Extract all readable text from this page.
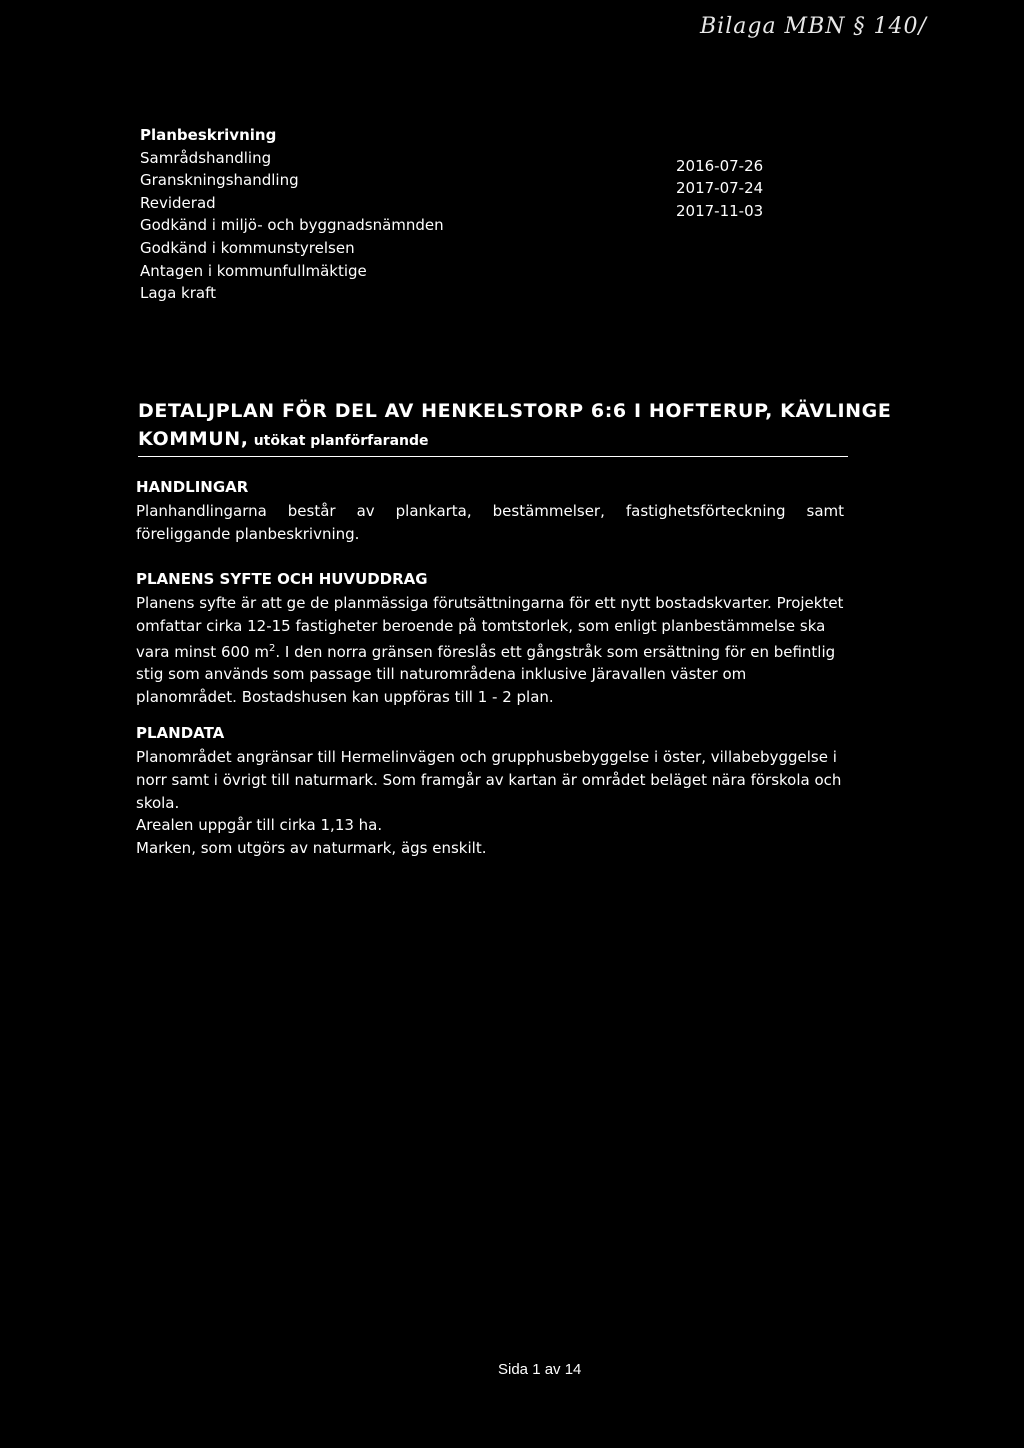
Bilaga MBN § 140/
Planbeskrivning
Samrådshandling	2016-07-26
Granskningshandling	2017-07-24
Reviderad	2017-11-03
Godkänd i miljö- och byggnadsnämnden
Godkänd i kommunstyrelsen
Antagen i kommunfullmäktige
Laga kraft
DETALJPLAN FÖR DEL AV HENKELSTORP 6:6 I HOFTERUP, KÄVLINGE
KOMMUN, utökat planförfarande
HANDLINGAR
Planhandlingarna består av plankarta, bestämmelser, fastighetsförteckning samt föreliggande planbeskrivning.
PLANENS SYFTE OCH HUVUDDRAG
Planens syfte är att ge de planmässiga förutsättningarna för ett nytt bostadskvarter. Projektet omfattar cirka 12-15 fastigheter beroende på tomtstorlek, som enligt planbestämmelse ska vara minst 600 $m^2$. I den norra gränsen föreslås ett gångstråk som ersättning för en befintlig stig som används som passage till naturområdena inklusive Järavallen väster om planområdet. Bostadshusen kan uppföras till 1 - 2 plan.
PLANDATA
Planområdet angränsar till Hermelinvägen och grupphusbebyggelse i öster, villabebyggelse i norr samt i övrigt till naturmark. Som framgår av kartan är området beläget nära förskola och skola.
Arealen uppgår till cirka 1,13 ha.
Marken, som utgörs av naturmark, ägs enskilt.
Sida 1 av 14
